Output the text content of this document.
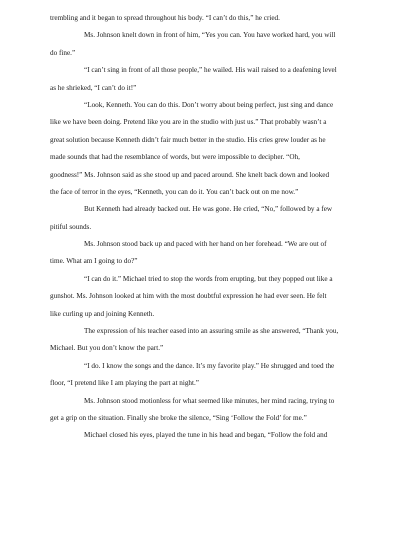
trembling and it began to spread throughout his body. “I can’t do this,” he cried.
Ms. Johnson knelt down in front of him, “Yes you can. You have worked hard, you will
do fine.”
“I can’t sing in front of all those people,” he wailed. His wail raised to a deafening level
as he shrieked, “I can’t do it!”
“Look, Kenneth. You can do this. Don’t worry about being perfect, just sing and dance
like we have been doing. Pretend like you are in the studio with just us.” That probably wasn’t a
great solution because Kenneth didn’t fair much better in the studio. His cries grew louder as he
made sounds that had the resemblance of words, but were impossible to decipher. “Oh,
goodness!” Ms. Johnson said as she stood up and paced around. She knelt back down and looked
the face of terror in the eyes, “Kenneth, you can do it. You can’t back out on me now.”
But Kenneth had already backed out. He was gone. He cried, “No,” followed by a few
pitiful sounds.
Ms. Johnson stood back up and paced with her hand on her forehead. “We are out of
time. What am I going to do?”
“I can do it.” Michael tried to stop the words from erupting, but they popped out like a
gunshot. Ms. Johnson looked at him with the most doubtful expression he had ever seen. He felt
like curling up and joining Kenneth.
The expression of his teacher eased into an assuring smile as she answered, “Thank you,
Michael. But you don’t know the part.”
“I do. I know the songs and the dance. It’s my favorite play.” He shrugged and toed the
floor, “I pretend like I am playing the part at night.”
Ms. Johnson stood motionless for what seemed like minutes, her mind racing, trying to
get a grip on the situation. Finally she broke the silence, “Sing ‘Follow the Fold’ for me.”
Michael closed his eyes, played the tune in his head and began, “Follow the fold and
